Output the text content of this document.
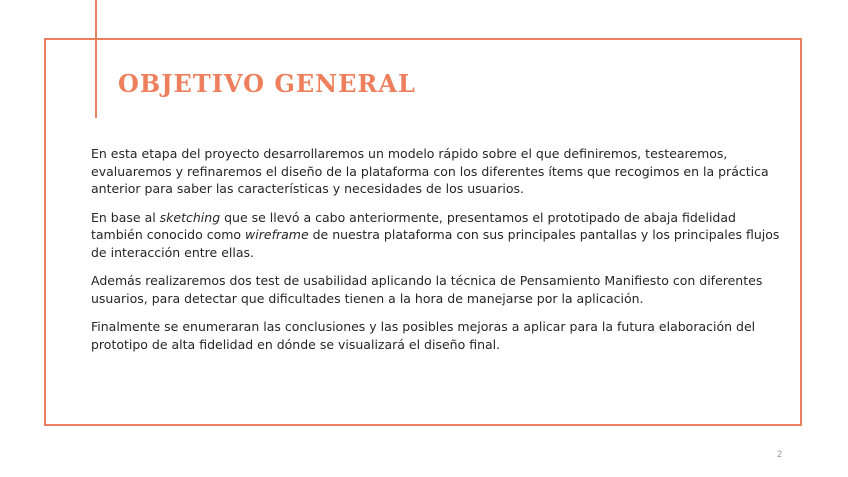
OBJETIVO GENERAL

En esta etapa del proyecto desarrollaremos un modelo rápido sobre el que definiremos, testearemos, evaluaremos y refinaremos el diseño de la plataforma con los diferentes ítems que recogimos en la práctica anterior para saber las características y necesidades de los usuarios.

En base al sketching que se llevó a cabo anteriormente, presentamos el prototipado de abaja fidelidad también conocido como wireframe de nuestra plataforma con sus principales pantallas y los principales flujos de interacción entre ellas.

Además realizaremos dos test de usabilidad aplicando la técnica de Pensamiento Manifiesto con diferentes usuarios, para detectar que dificultades tienen a la hora de manejarse por la aplicación.

Finalmente se enumeraran las conclusiones y las posibles mejoras a aplicar para la futura elaboración del prototipo de alta fidelidad en dónde se visualizará el diseño final.

2
